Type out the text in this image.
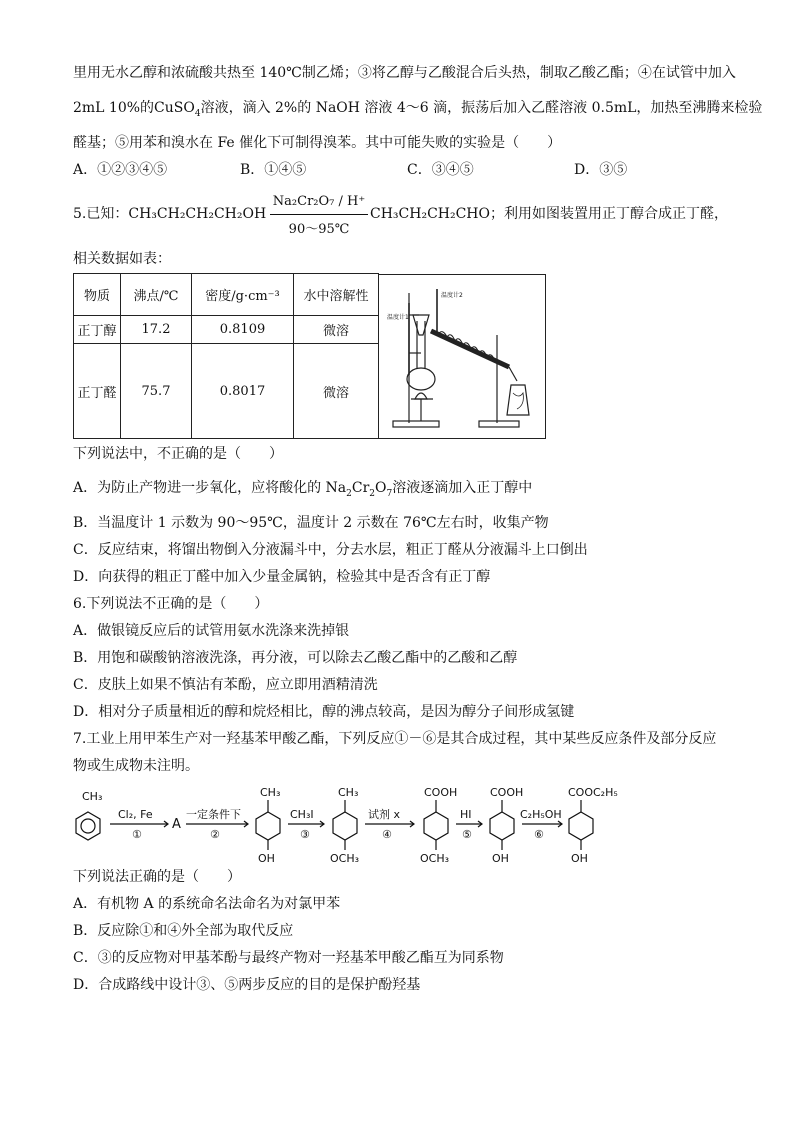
里用无水乙醇和浓硫酸共热至 140℃制乙烯；③将乙醇与乙酸混合后头热，制取乙酸乙酯；④在试管中加入
2mL 10%的CuSO$_4$溶液，滴入 2%的 NaOH 溶液 4～6 滴，振荡后加入乙醛溶液 0.5mL，加热至沸腾来检验
醛基；⑤用苯和溴水在 Fe 催化下可制得溴苯。其中可能失败的实验是（　　）
A．①②③④⑤	B．①④⑤	C．③④⑤	D．③⑤
5.已知：CH₃CH₂CH₂CH₂OH
Na₂Cr₂O₇ / H⁺
90～95℃
CH₃CH₂CH₂CHO；利用如图装置用正丁醇合成正丁醛，
相关数据如表：
物质	沸点/℃	密度/g·cm⁻³	水中溶解性
正丁醇	17.2	0.8109	微溶
正丁醛	75.7	0.8017	微溶
温度计1
温度计2
下列说法中，不正确的是（　　）
A．为防止产物进一步氧化，应将酸化的 $Na_2Cr_2O_7$溶液逐滴加入正丁醇中
B．当温度计 1 示数为 90～95℃，温度计 2 示数在 76℃左右时，收集产物
C．反应结束，将馏出物倒入分液漏斗中，分去水层，粗正丁醛从分液漏斗上口倒出
D．向获得的粗正丁醛中加入少量金属钠，检验其中是否含有正丁醇
6.下列说法不正确的是（　　）
A．做银镜反应后的试管用氨水洗涤来洗掉银
B．用饱和碳酸钠溶液洗涤，再分液，可以除去乙酸乙酯中的乙酸和乙醇
C．皮肤上如果不慎沾有苯酚，应立即用酒精清洗
D．相对分子质量相近的醇和烷烃相比，醇的沸点较高，是因为醇分子间形成氢键
7.工业上用甲苯生产对一羟基苯甲酸乙酯，下列反应①－⑥是其合成过程，其中某些反应条件及部分反应
物或生成物未注明。
CH₃
Cl₂, Fe
①
A
一定条件下
②
CH₃
OH
CH₃I
③
CH₃
OCH₃
试剂 x
④
COOH
OCH₃
HI
⑤
COOH
OH
C₂H₅OH
⑥
COOC₂H₅
OH
下列说法正确的是（　　）
A．有机物 A 的系统命名法命名为对氯甲苯
B．反应除①和④外全部为取代反应
C．③的反应物对甲基苯酚与最终产物对一羟基苯甲酸乙酯互为同系物
D．合成路线中设计③、⑤两步反应的目的是保护酚羟基
